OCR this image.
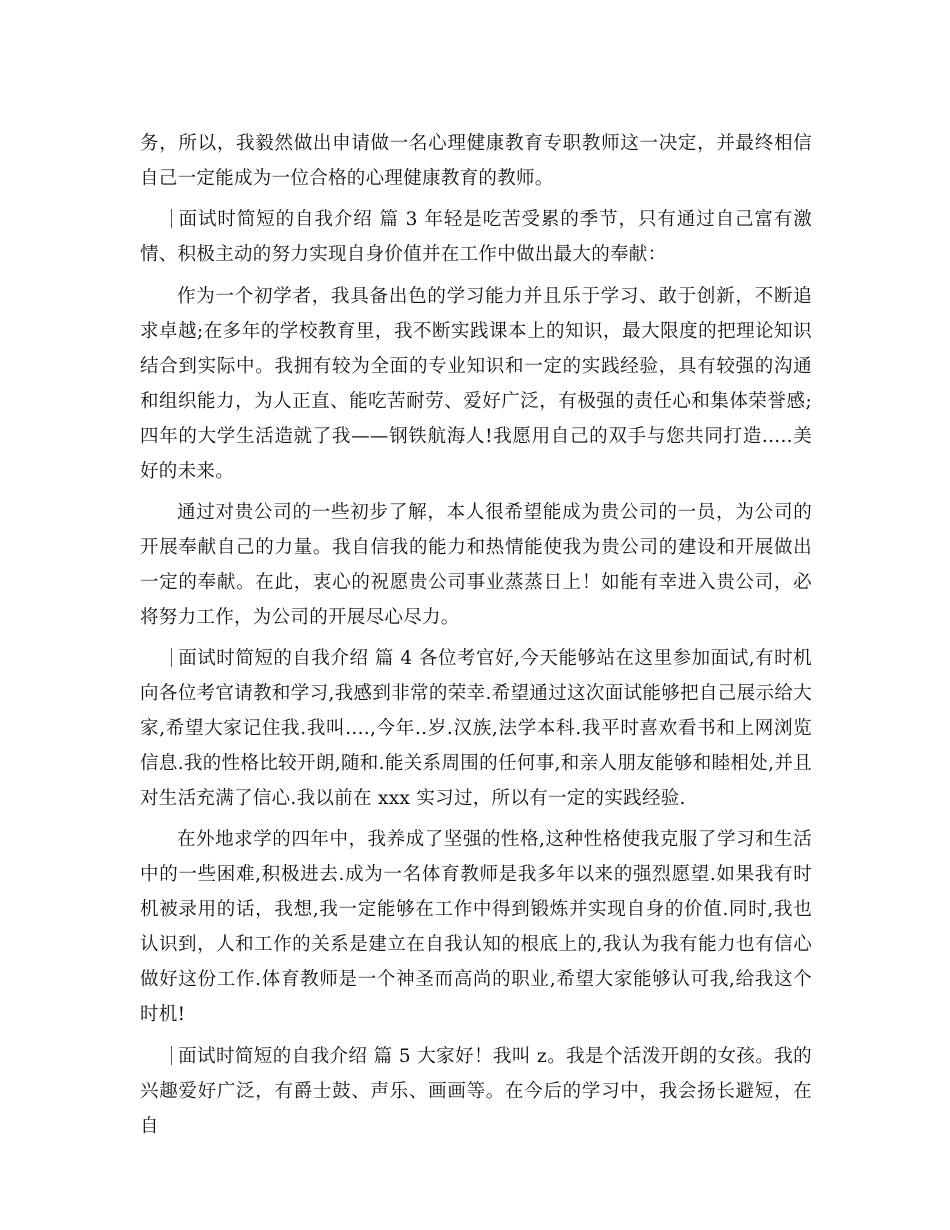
务，所以，我毅然做出申请做一名心理健康教育专职教师这一决定，并最终相信自己一定能成为一位合格的心理健康教育的教师。

面试时简短的自我介绍 篇 3 年轻是吃苦受累的季节，只有通过自己富有激情、积极主动的努力实现自身价值并在工作中做出最大的奉献：

作为一个初学者，我具备出色的学习能力并且乐于学习、敢于创新，不断追求卓越;在多年的学校教育里，我不断实践课本上的知识，最大限度的把理论知识结合到实际中。我拥有较为全面的专业知识和一定的实践经验，具有较强的沟通和组织能力，为人正直、能吃苦耐劳、爱好广泛，有极强的责任心和集体荣誉感;四年的大学生活造就了我——钢铁航海人!我愿用自己的双手与您共同打造.....美好的未来。

通过对贵公司的一些初步了解，本人很希望能成为贵公司的一员，为公司的开展奉献自己的力量。我自信我的能力和热情能使我为贵公司的建设和开展做出一定的奉献。在此，衷心的祝愿贵公司事业蒸蒸日上！如能有幸进入贵公司，必将努力工作，为公司的开展尽心尽力。

面试时简短的自我介绍 篇 4 各位考官好,今天能够站在这里参加面试,有时机向各位考官请教和学习,我感到非常的荣幸.希望通过这次面试能够把自己展示给大家,希望大家记住我.我叫....,今年..岁.汉族,法学本科.我平时喜欢看书和上网浏览信息.我的性格比较开朗,随和.能关系周围的任何事,和亲人朋友能够和睦相处,并且对生活充满了信心.我以前在 xxx 实习过，所以有一定的实践经验.

在外地求学的四年中，我养成了坚强的性格,这种性格使我克服了学习和生活中的一些困难,积极进去.成为一名体育教师是我多年以来的强烈愿望.如果我有时机被录用的话，我想,我一定能够在工作中得到锻炼并实现自身的价值.同时,我也认识到，人和工作的关系是建立在自我认知的根底上的,我认为我有能力也有信心做好这份工作.体育教师是一个神圣而高尚的职业,希望大家能够认可我,给我这个时机!

面试时简短的自我介绍 篇 5 大家好！我叫 z。我是个活泼开朗的女孩。我的兴趣爱好广泛，有爵士鼓、声乐、画画等。在今后的学习中，我会扬长避短，在自
